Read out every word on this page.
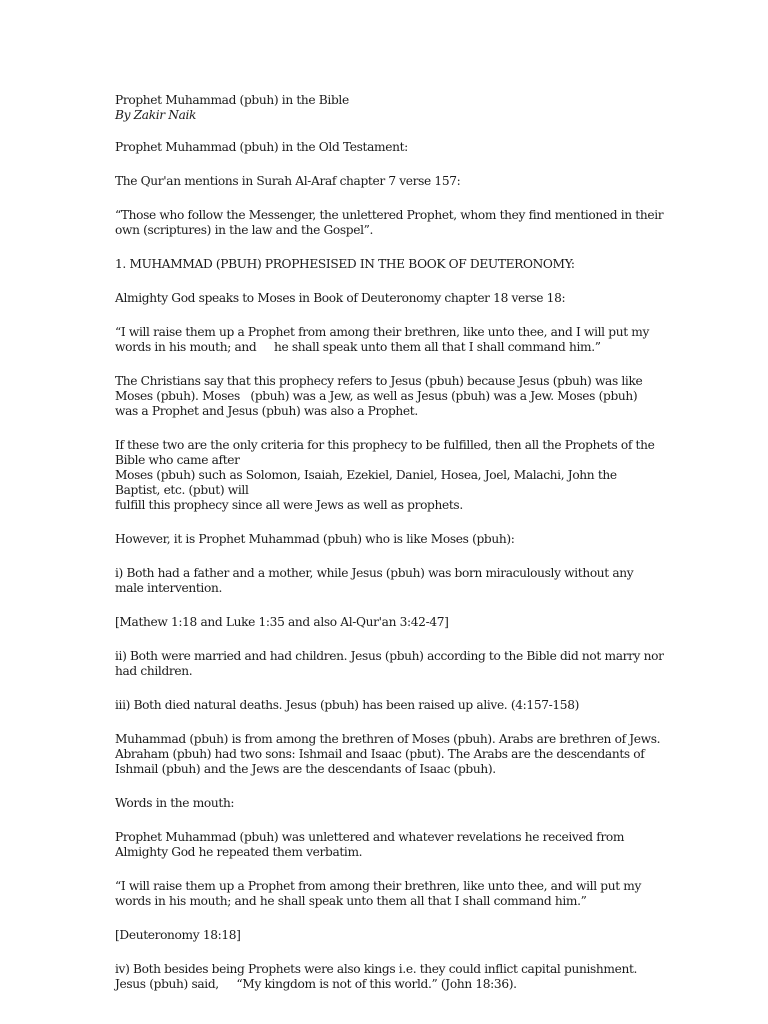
Prophet Muhammad (pbuh) in the Bible
By Zakir Naik
Prophet Muhammad (pbuh) in the Old Testament:
The Qur'an mentions in Surah Al-Araf chapter 7 verse 157:
“Those who follow the Messenger, the unlettered Prophet, whom they find mentioned in their
own (scriptures) in the law and the Gospel”.
1. MUHAMMAD (PBUH) PROPHESISED IN THE BOOK OF DEUTERONOMY:
Almighty God speaks to Moses in Book of Deuteronomy chapter 18 verse 18:
“I will raise them up a Prophet from among their brethren, like unto thee, and I will put my
words in his mouth; and     he shall speak unto them all that I shall command him.”
The Christians say that this prophecy refers to Jesus (pbuh) because Jesus (pbuh) was like
Moses (pbuh). Moses   (pbuh) was a Jew, as well as Jesus (pbuh) was a Jew. Moses (pbuh)
was a Prophet and Jesus (pbuh) was also a Prophet.
If these two are the only criteria for this prophecy to be fulfilled, then all the Prophets of the
Bible who came after
Moses (pbuh) such as Solomon, Isaiah, Ezekiel, Daniel, Hosea, Joel, Malachi, John the
Baptist, etc. (pbut) will
fulfill this prophecy since all were Jews as well as prophets.
However, it is Prophet Muhammad (pbuh) who is like Moses (pbuh):
i) Both had a father and a mother, while Jesus (pbuh) was born miraculously without any
male intervention.
[Mathew 1:18 and Luke 1:35 and also Al-Qur'an 3:42-47]
ii) Both were married and had children. Jesus (pbuh) according to the Bible did not marry nor
had children.
iii) Both died natural deaths. Jesus (pbuh) has been raised up alive. (4:157-158)
Muhammad (pbuh) is from among the brethren of Moses (pbuh). Arabs are brethren of Jews.
Abraham (pbuh) had two sons: Ishmail and Isaac (pbut). The Arabs are the descendants of
Ishmail (pbuh) and the Jews are the descendants of Isaac (pbuh).
Words in the mouth:
Prophet Muhammad (pbuh) was unlettered and whatever revelations he received from
Almighty God he repeated them verbatim.
“I will raise them up a Prophet from among their brethren, like unto thee, and will put my
words in his mouth; and he shall speak unto them all that I shall command him.”
[Deuteronomy 18:18]
iv) Both besides being Prophets were also kings i.e. they could inflict capital punishment.
Jesus (pbuh) said,     “My kingdom is not of this world.” (John 18:36).
